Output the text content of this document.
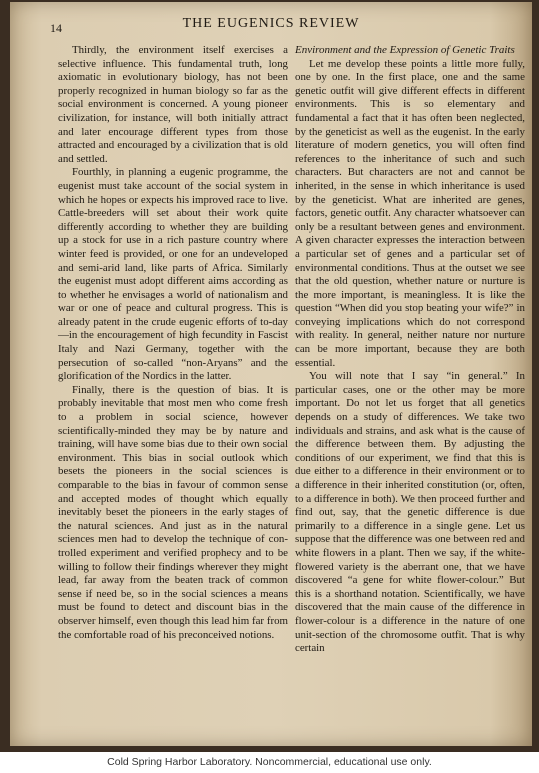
14	THE EUGENICS REVIEW

Thirdly, the environment itself exercises a selective influence. This fundamental truth, long axiomatic in evolutionary biology, has not been properly recognized in human biology so far as the social environment is concerned. A young pioneer civilization, for instance, will both initially attract and later encourage different types from those attracted and encouraged by a civilization that is old and settled.

Fourthly, in planning a eugenic programme, the eugenist must take account of the social system in which he hopes or expects his improved race to live. Cattle-breeders will set about their work quite differently according to whether they are building up a stock for use in a rich pasture country where winter feed is provided, or one for an undeveloped and semi-arid land, like parts of Africa. Similarly the eugenist must adopt different aims according as to whether he envisages a world of nationalism and war or one of peace and cultural progress. This is already patent in the crude eugenic efforts of to-day—in the encouragement of high fecundity in Fascist Italy and Nazi Germany, together with the persecution of so-called “non-Aryans” and the glorification of the Nordics in the latter.

Finally, there is the question of bias. It is probably inevitable that most men who come fresh to a problem in social science, however scientifically-minded they may be by nature and training, will have some bias due to their own social environment. This bias in social outlook which besets the pioneers in the social sciences is comparable to the bias in favour of common sense and accepted modes of thought which equally inevitably beset the pioneers in the early stages of the natural sciences. And just as in the natural sciences men had to develop the technique of controlled experiment and verified prophecy and to be willing to follow their findings wherever they might lead, far away from the beaten track of common sense if need be, so in the social sciences a means must be found to detect and discount bias in the observer himself, even though this lead him far from the comfortable road of his preconceived notions.

Environment and the Expression of Genetic Traits

Let me develop these points a little more fully, one by one. In the first place, one and the same genetic outfit will give different effects in different environments. This is so elementary and fundamental a fact that it has often been neglected, by the geneticist as well as the eugenist. In the early literature of modern genetics, you will often find references to the inheritance of such and such characters. But characters are not and cannot be inherited, in the sense in which inheritance is used by the geneticist. What are inherited are genes, factors, genetic outfit. Any character whatsoever can only be a resultant between genes and environment. A given character expresses the interaction between a particular set of genes and a particular set of environmental conditions. Thus at the outset we see that the old question, whether nature or nurture is the more important, is meaningless. It is like the question “When did you stop beating your wife?” in conveying implications which do not correspond with reality. In general, neither nature nor nurture can be more important, because they are both essential.

You will note that I say “in general.” In particular cases, one or the other may be more important. Do not let us forget that all genetics depends on a study of differences. We take two individuals and strains, and ask what is the cause of the difference between them. By adjusting the conditions of our experiment, we find that this is due either to a difference in their environment or to a difference in their inherited constitution (or, often, to a difference in both). We then proceed further and find out, say, that the genetic difference is due primarily to a difference in a single gene. Let us suppose that the difference was one between red and white flowers in a plant. Then we say, if the white-flowered variety is the aberrant one, that we have discovered “a gene for white flower-colour.” But this is a shorthand notation. Scientifically, we have discovered that the main cause of the difference in flower-colour is a difference in the nature of one unit-section of the chromosome outfit. That is why certain

Cold Spring Harbor Laboratory. Noncommercial, educational use only.
